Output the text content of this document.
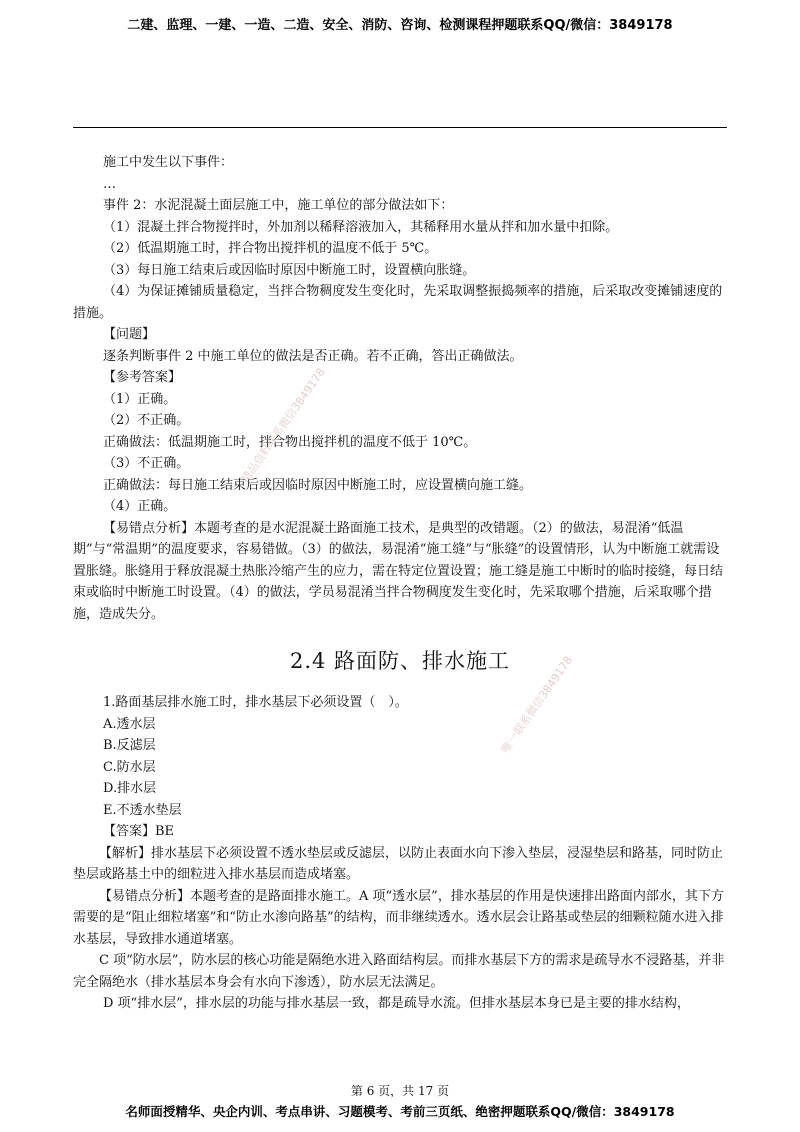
二建、监理、一建、一造、二造、安全、消防、咨询、检测课程押题联系QQ/微信：3849178

施工中发生以下事件：

…

事件 2：水泥混凝土面层施工中，施工单位的部分做法如下：

（1）混凝土拌合物搅拌时，外加剂以稀释溶液加入，其稀释用水量从拌和加水量中扣除。

（2）低温期施工时，拌合物出搅拌机的温度不低于 5℃。

（3）每日施工结束后或因临时原因中断施工时，设置横向胀缝。

（4）为保证摊铺质量稳定，当拌合物稠度发生变化时，先采取调整振捣频率的措施，后采取改变摊铺速度的措施。

【问题】

逐条判断事件 2 中施工单位的做法是否正确。若不正确，答出正确做法。

【参考答案】

（1）正确。

（2）不正确。

正确做法：低温期施工时，拌合物出搅拌机的温度不低于 10℃。

（3）不正确。

正确做法：每日施工结束后或因临时原因中断施工时，应设置横向施工缝。

（4）正确。

【易错点分析】本题考查的是水泥混凝土路面施工技术，是典型的改错题。（2）的做法，易混淆“低温期”与“常温期”的温度要求，容易错做。（3）的做法，易混淆“施工缝”与“胀缝”的设置情形，认为中断施工就需设置胀缝。胀缝用于释放混凝土热胀冷缩产生的应力，需在特定位置设置；施工缝是施工中断时的临时接缝，每日结束或临时中断施工时设置。（4）的做法，学员易混淆当拌合物稠度发生变化时，先采取哪个措施，后采取哪个措施，造成失分。

2.4 路面防、排水施工

1.路面基层排水施工时，排水基层下必须设置（　）。

A.透水层

B.反滤层

C.防水层

D.排水层

E.不透水垫层

【答案】BE

【解析】排水基层下必须设置不透水垫层或反滤层，以防止表面水向下渗入垫层，浸湿垫层和路基，同时防止垫层或路基土中的细粒进入排水基层而造成堵塞。

【易错点分析】本题考查的是路面排水施工。A 项“透水层”，排水基层的作用是快速排出路面内部水，其下方需要的是“阻止细粒堵塞”和“防止水渗向路基”的结构，而非继续透水。透水层会让路基或垫层的细颗粒随水进入排水基层，导致排水通道堵塞。

C 项“防水层”，防水层的核心功能是隔绝水进入路面结构层。而排水基层下方的需求是疏导水不浸路基，并非完全隔绝水（排水基层本身会有水向下渗透），防水层无法满足。

D 项“排水层”，排水层的功能与排水基层一致，都是疏导水流。但排水基层本身已是主要的排水结构，

精品资料联系微信3849178
唯一联系微信3849178
第 6 页，共 17 页
名师面授精华、央企内训、考点串讲、习题模考、考前三页纸、绝密押题联系QQ/微信：3849178
